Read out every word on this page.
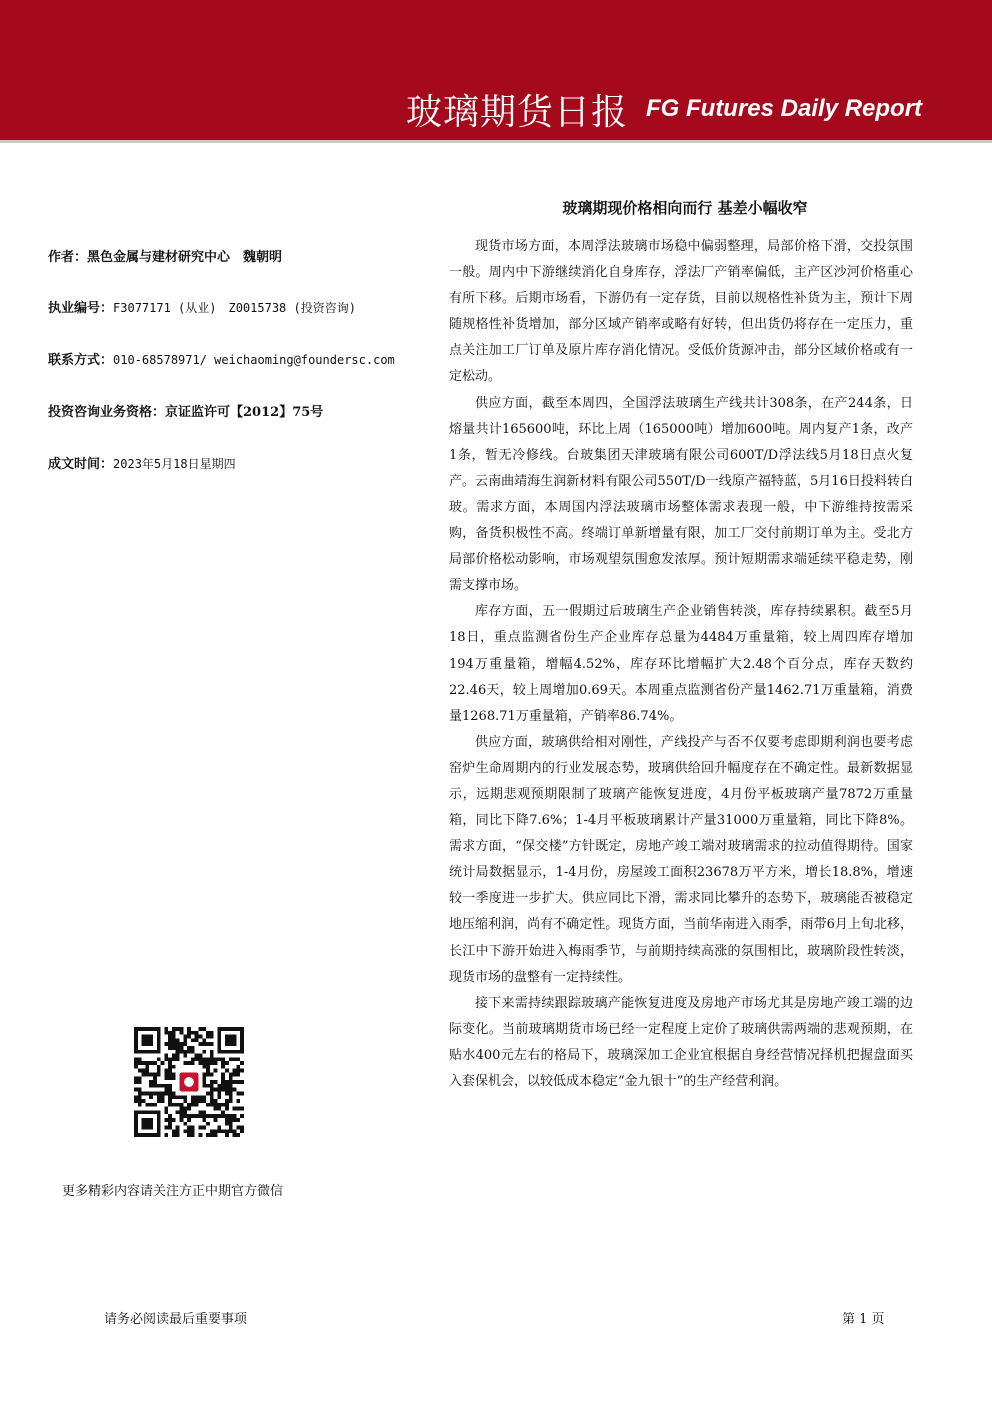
玻璃期货日报 FG Futures Daily Report
玻璃期现价格相向而行 基差小幅收窄
作者：黑色金属与建材研究中心　魏朝明
执业编号：F3077171 (从业)　Z0015738 (投资咨询)
联系方式：010-68578971/ weichaoming@foundersc.com
投资咨询业务资格：京证监许可【2012】75号
成文时间：2023年5月18日星期四

现货市场方面，本周浮法玻璃市场稳中偏弱整理，局部价格下滑，交投氛围一般。周内中下游继续消化自身库存，浮法厂产销率偏低，主产区沙河价格重心有所下移。后期市场看，下游仍有一定存货，目前以规格性补货为主，预计下周随规格性补货增加，部分区域产销率或略有好转，但出货仍将存在一定压力，重点关注加工厂订单及原片库存消化情况。受低价货源冲击，部分区域价格或有一定松动。

供应方面，截至本周四，全国浮法玻璃生产线共计308条，在产244条，日熔量共计165600吨，环比上周（165000吨）增加600吨。周内复产1条，改产1条，暂无冷修线。台玻集团天津玻璃有限公司600T/D浮法线5月18日点火复产。云南曲靖海生润新材料有限公司550T/D一线原产福特蓝，5月16日投料转白玻。需求方面，本周国内浮法玻璃市场整体需求表现一般，中下游维持按需采购，备货积极性不高。终端订单新增量有限，加工厂交付前期订单为主。受北方局部价格松动影响，市场观望氛围愈发浓厚。预计短期需求端延续平稳走势，刚需支撑市场。

库存方面，五一假期过后玻璃生产企业销售转淡，库存持续累积。截至5月18日，重点监测省份生产企业库存总量为4484万重量箱，较上周四库存增加194万重量箱，增幅4.52%，库存环比增幅扩大2.48个百分点，库存天数约22.46天，较上周增加0.69天。本周重点监测省份产量1462.71万重量箱，消费量1268.71万重量箱，产销率86.74%。

供应方面，玻璃供给相对刚性，产线投产与否不仅要考虑即期利润也要考虑窑炉生命周期内的行业发展态势，玻璃供给回升幅度存在不确定性。最新数据显示，远期悲观预期限制了玻璃产能恢复进度，4月份平板玻璃产量7872万重量箱，同比下降7.6%；1-4月平板玻璃累计产量31000万重量箱，同比下降8%。需求方面，“保交楼”方针既定，房地产竣工端对玻璃需求的拉动值得期待。国家统计局数据显示，1-4月份，房屋竣工面积23678万平方米，增长18.8%，增速较一季度进一步扩大。供应同比下滑，需求同比攀升的态势下，玻璃能否被稳定地压缩利润，尚有不确定性。现货方面，当前华南进入雨季，雨带6月上旬北移，长江中下游开始进入梅雨季节，与前期持续高涨的氛围相比，玻璃阶段性转淡，现货市场的盘整有一定持续性。

接下来需持续跟踪玻璃产能恢复进度及房地产市场尤其是房地产竣工端的边际变化。当前玻璃期货市场已经一定程度上定价了玻璃供需两端的悲观预期，在贴水400元左右的格局下，玻璃深加工企业宜根据自身经营情况择机把握盘面买入套保机会，以较低成本稳定“金九银十”的生产经营利润。

更多精彩内容请关注方正中期官方微信
请务必阅读最后重要事项	第 1 页
